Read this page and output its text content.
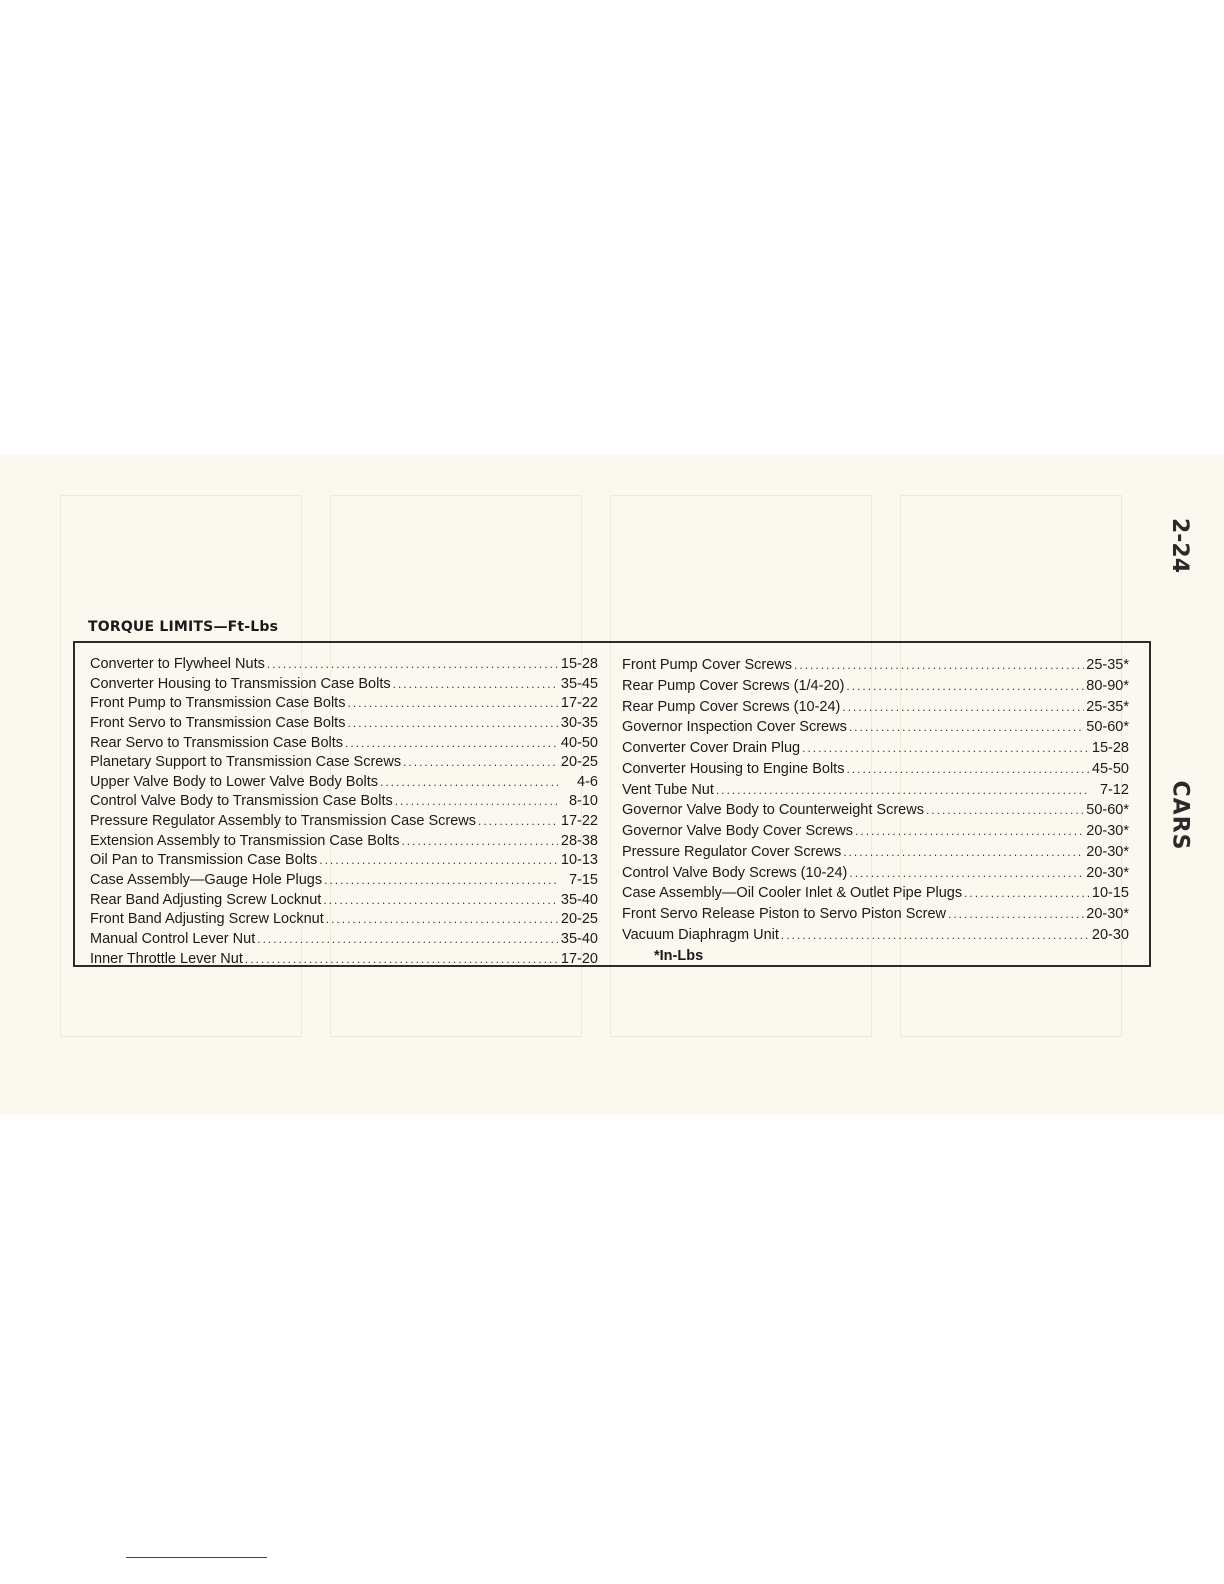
2-24
CARS
TORQUE LIMITS—Ft-Lbs
Converter to Flywheel Nuts .....	15-28
Converter Housing to Transmission Case Bolts .....	35-45
Front Pump to Transmission Case Bolts .....	17-22
Front Servo to Transmission Case Bolts .....	30-35
Rear Servo to Transmission Case Bolts .....	40-50
Planetary Support to Transmission Case Screws .....	20-25
Upper Valve Body to Lower Valve Body Bolts .....	4-6
Control Valve Body to Transmission Case Bolts .....	8-10
Pressure Regulator Assembly to Transmission Case Screws .....	17-22
Extension Assembly to Transmission Case Bolts .....	28-38
Oil Pan to Transmission Case Bolts .....	10-13
Case Assembly—Gauge Hole Plugs .....	7-15
Rear Band Adjusting Screw Locknut .....	35-40
Front Band Adjusting Screw Locknut .....	20-25
Manual Control Lever Nut .....	35-40
Inner Throttle Lever Nut .....	17-20
Front Pump Cover Screws .....	25-35*
Rear Pump Cover Screws (1/4-20) .....	80-90*
Rear Pump Cover Screws (10-24) .....	25-35*
Governor Inspection Cover Screws .....	50-60*
Converter Cover Drain Plug .....	15-28
Converter Housing to Engine Bolts .....	45-50
Vent Tube Nut .....	7-12
Governor Valve Body to Counterweight Screws .....	50-60*
Governor Valve Body Cover Screws .....	20-30*
Pressure Regulator Cover Screws .....	20-30*
Control Valve Body Screws (10-24) .....	20-30*
Case Assembly—Oil Cooler Inlet & Outlet Pipe Plugs .....	10-15
Front Servo Release Piston to Servo Piston Screw .....	20-30*
Vacuum Diaphragm Unit .....	20-30
*In-Lbs
